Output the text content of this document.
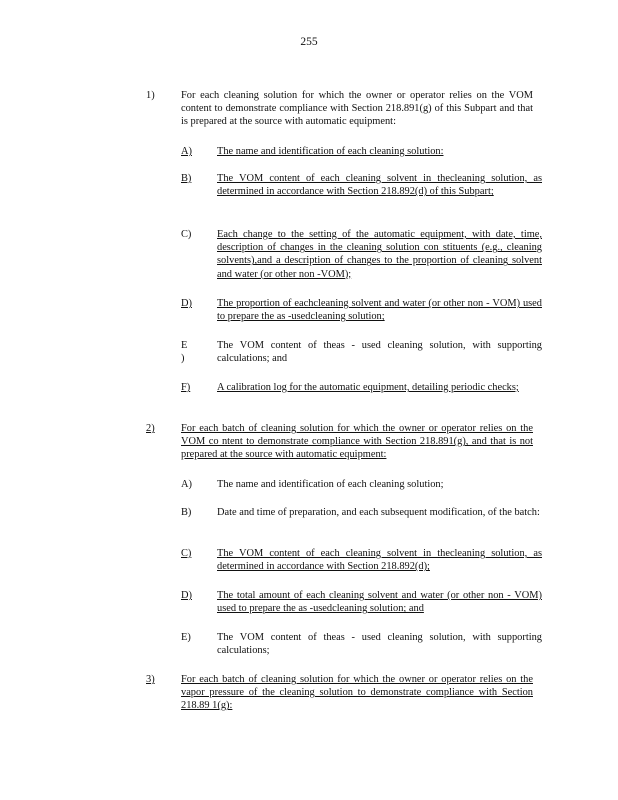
255
1)	For each cleaning solution for which the owner or operator relies on the VOM content to demonstrate compliance with Section 218.891(g) of this Subpart and that is prepared at the source with automatic equipment:
A) The name and identification of each cleaning solution:
B) The VOM content of each cleaning solvent in thecleaning solution, as determined in accordance with Section 218.892(d) of this Subpart;
C) Each change to the setting of the automatic equipment, with date, time, description of changes in the cleaning solution con stituents (e.g., cleaning solvents),and a description of changes to the proportion of cleaning solvent and water (or other non -VOM);
D) The proportion of eachcleaning solvent and water (or other non - VOM) used to prepare the as -usedcleaning solution;
E )
The VOM content of theas - used cleaning solution, with supporting calculations; and
F)	A calibration log for the automatic equipment, detailing periodic checks;
2)	For each batch of cleaning solution for which the owner or operator relies on the VOM co ntent to demonstrate compliance with Section 218.891(g), and that is not prepared at the source with automatic equipment:
A) The name and identification of each cleaning solution;
B) Date and time of preparation, and each subsequent modification, of the batch:
C) The VOM content of each cleaning solvent in thecleaning solution, as determined in accordance with Section 218.892(d);
D) The total amount of each cleaning solvent and water (or other non - VOM) used to prepare the as -usedcleaning solution; and
E)	The VOM content of theas - used cleaning solution, with supporting calculations;
3)	For each batch of cleaning solution for which the owner or operator relies on the vapor pressure of the cleaning solution to demonstrate compliance with Section 218.89 1(g):
